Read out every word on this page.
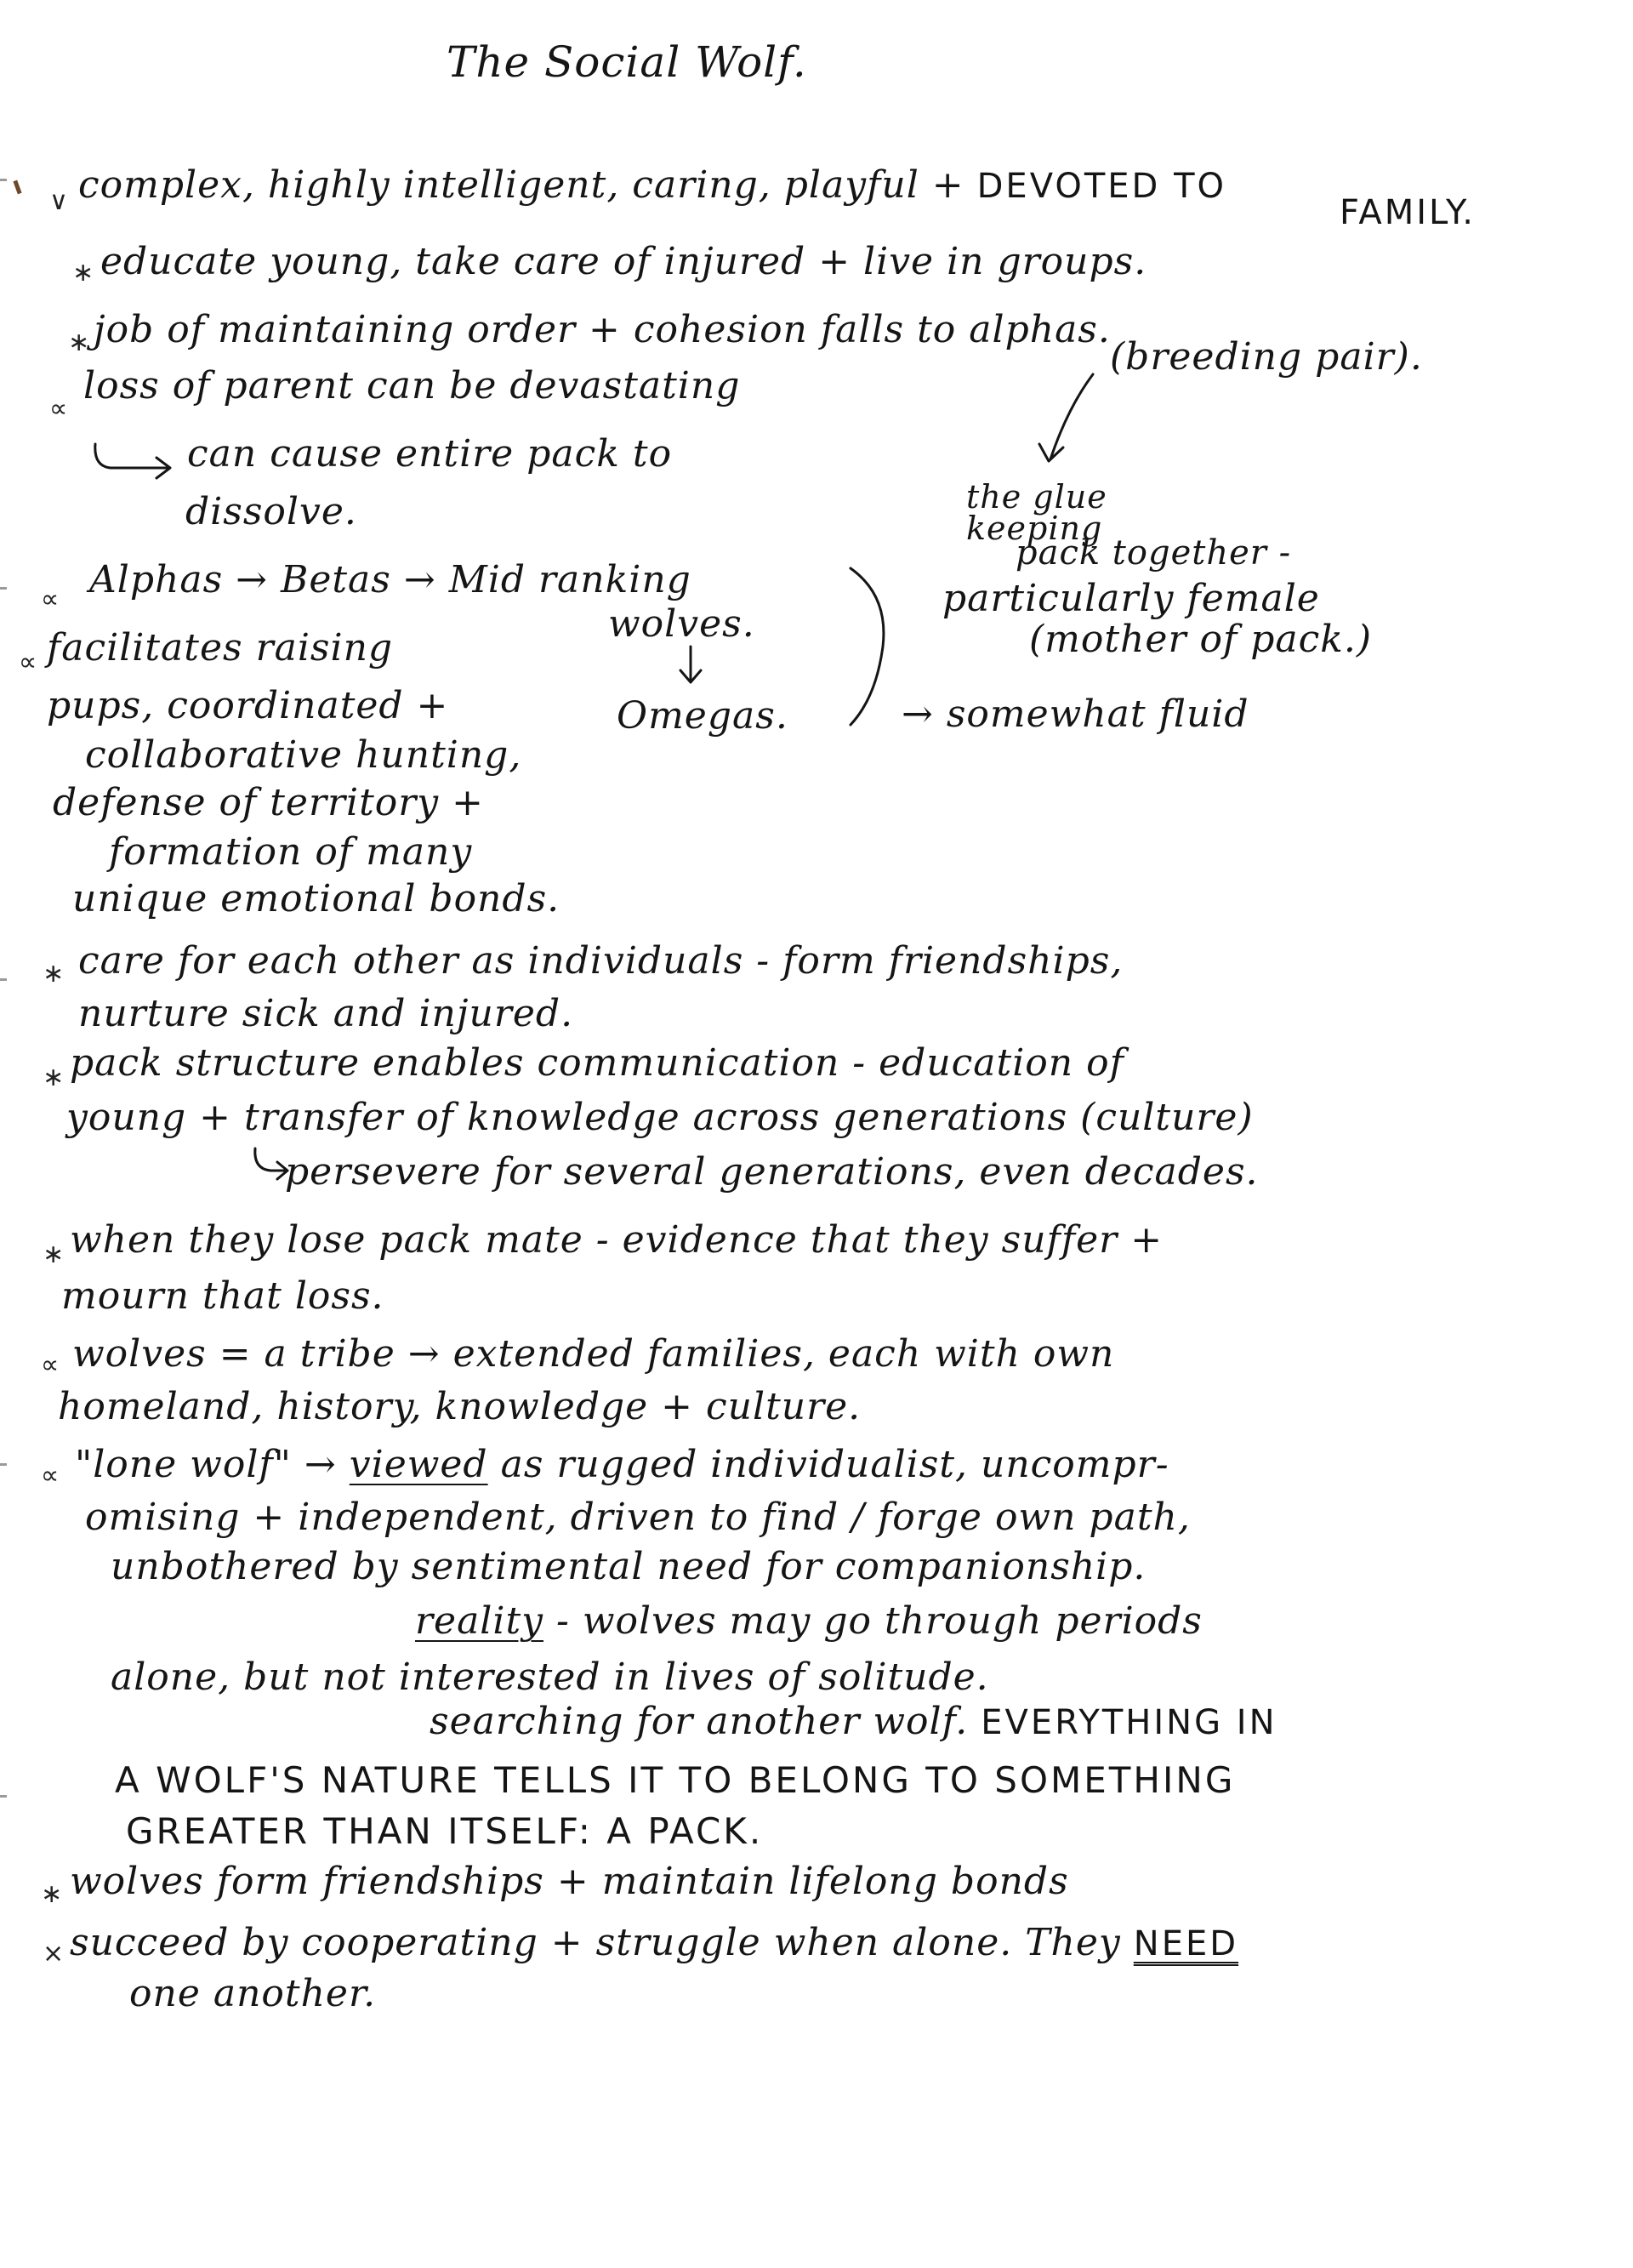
The Social Wolf.
∨ complex, highly intelligent, caring, playful + DEVOTED TO
FAMILY.
∗ educate young, take care of injured + live in groups.
∗ job of maintaining order + cohesion falls to alphas.
(breeding pair).
∝
loss of parent can be devastating
can cause entire pack to
dissolve.	the glue
keeping
pack together -
particularly female
(mother of pack.)
∝ Alphas → Betas → Mid ranking
wolves.
Omegas.	→ somewhat fluid
∝ facilitates raising
pups, coordinated +
collaborative hunting,
defense of territory +
formation of many
unique emotional bonds.
∗ care for each other as individuals - form friendships,
nurture sick and injured.
∗ pack structure enables communication - education of
young + transfer of knowledge across generations (culture)
persevere for several generations, even decades.
∗ when they lose pack mate - evidence that they suffer +
mourn that loss.
∝ wolves = a tribe → extended families, each with own
homeland, history, knowledge + culture.
∝ "lone wolf" → viewed as rugged individualist, uncompr-
omising + independent, driven to find / forge own path,
unbothered by sentimental need for companionship.
reality - wolves may go through periods
alone, but not interested in lives of solitude.
searching for another wolf. EVERYTHING IN
A WOLF'S NATURE TELLS IT TO BELONG TO SOMETHING
GREATER THAN ITSELF: A PACK.
∗ wolves form friendships + maintain lifelong bonds
× succeed by cooperating + struggle when alone. They NEED
one another.
